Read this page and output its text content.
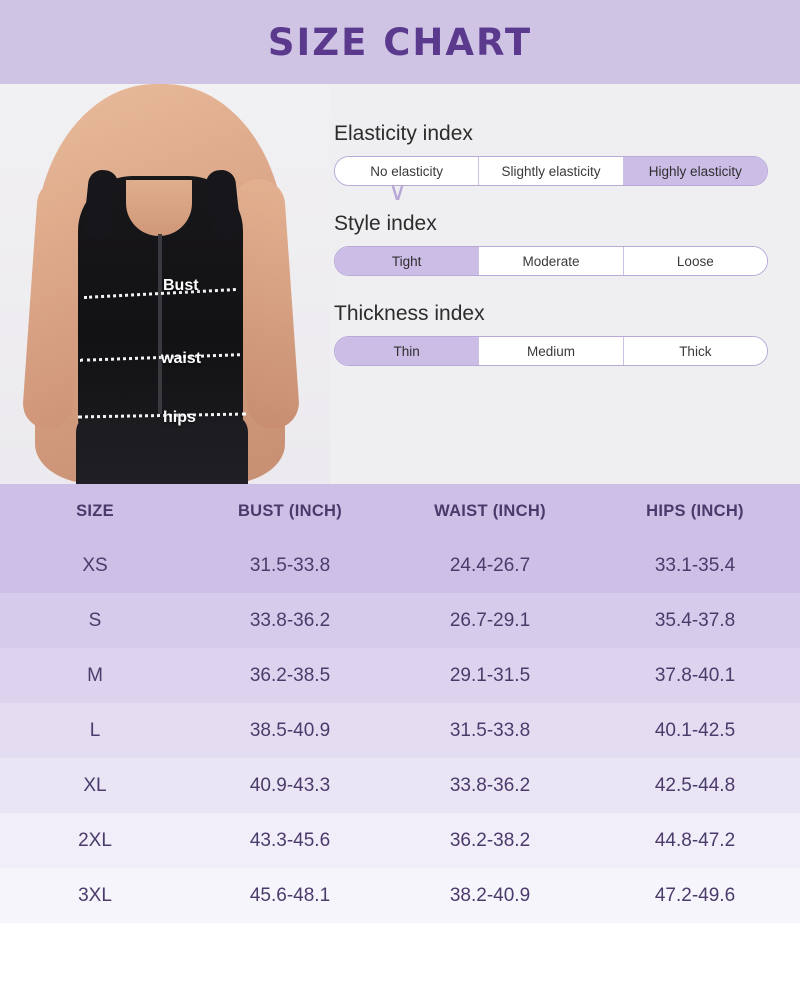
SIZE CHART
∨
Bust
waist
hips
Elasticity index
No elasticity	Slightly elasticity	Highly elasticity
Style index
Tight	Moderate	Loose
Thickness index
Thin	Medium	Thick
SIZE	BUST (INCH)	WAIST (INCH)	HIPS (INCH)
XS	31.5-33.8	24.4-26.7	33.1-35.4
S	33.8-36.2	26.7-29.1	35.4-37.8
M	36.2-38.5	29.1-31.5	37.8-40.1
L	38.5-40.9	31.5-33.8	40.1-42.5
XL	40.9-43.3	33.8-36.2	42.5-44.8
2XL	43.3-45.6	36.2-38.2	44.8-47.2
3XL	45.6-48.1	38.2-40.9	47.2-49.6
